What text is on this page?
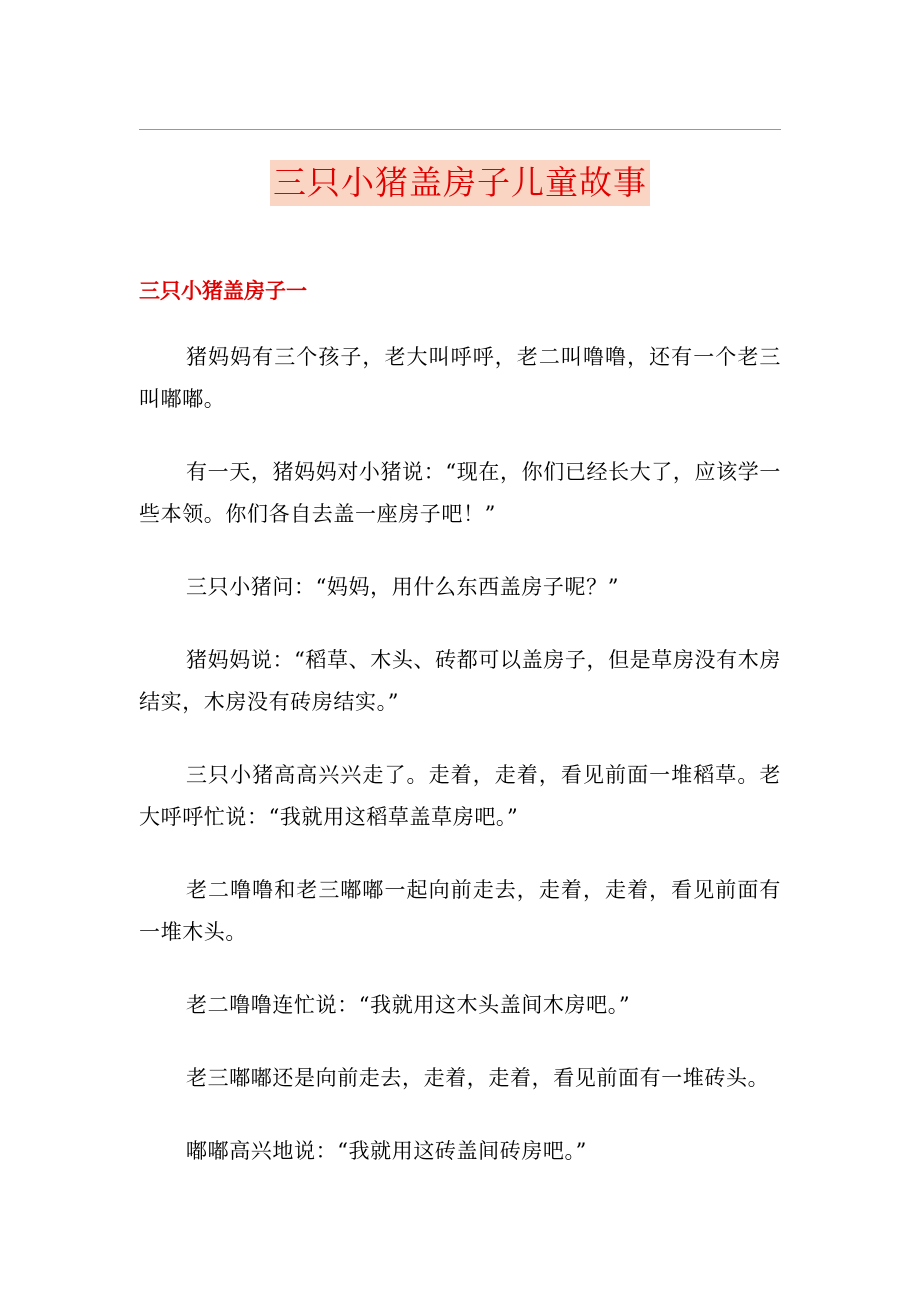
三只小猪盖房子儿童故事
三只小猪盖房子一

猪妈妈有三个孩子，老大叫呼呼，老二叫噜噜，还有一个老三叫嘟嘟。

有一天，猪妈妈对小猪说：“现在，你们已经长大了，应该学一些本领。你们各自去盖一座房子吧！”

三只小猪问：“妈妈，用什么东西盖房子呢？”

猪妈妈说：“稻草、木头、砖都可以盖房子，但是草房没有木房结实，木房没有砖房结实。”

三只小猪高高兴兴走了。走着，走着，看见前面一堆稻草。老大呼呼忙说：“我就用这稻草盖草房吧。”

老二噜噜和老三嘟嘟一起向前走去，走着，走着，看见前面有一堆木头。

老二噜噜连忙说：“我就用这木头盖间木房吧。”

老三嘟嘟还是向前走去，走着，走着，看见前面有一堆砖头。

嘟嘟高兴地说：“我就用这砖盖间砖房吧。”
